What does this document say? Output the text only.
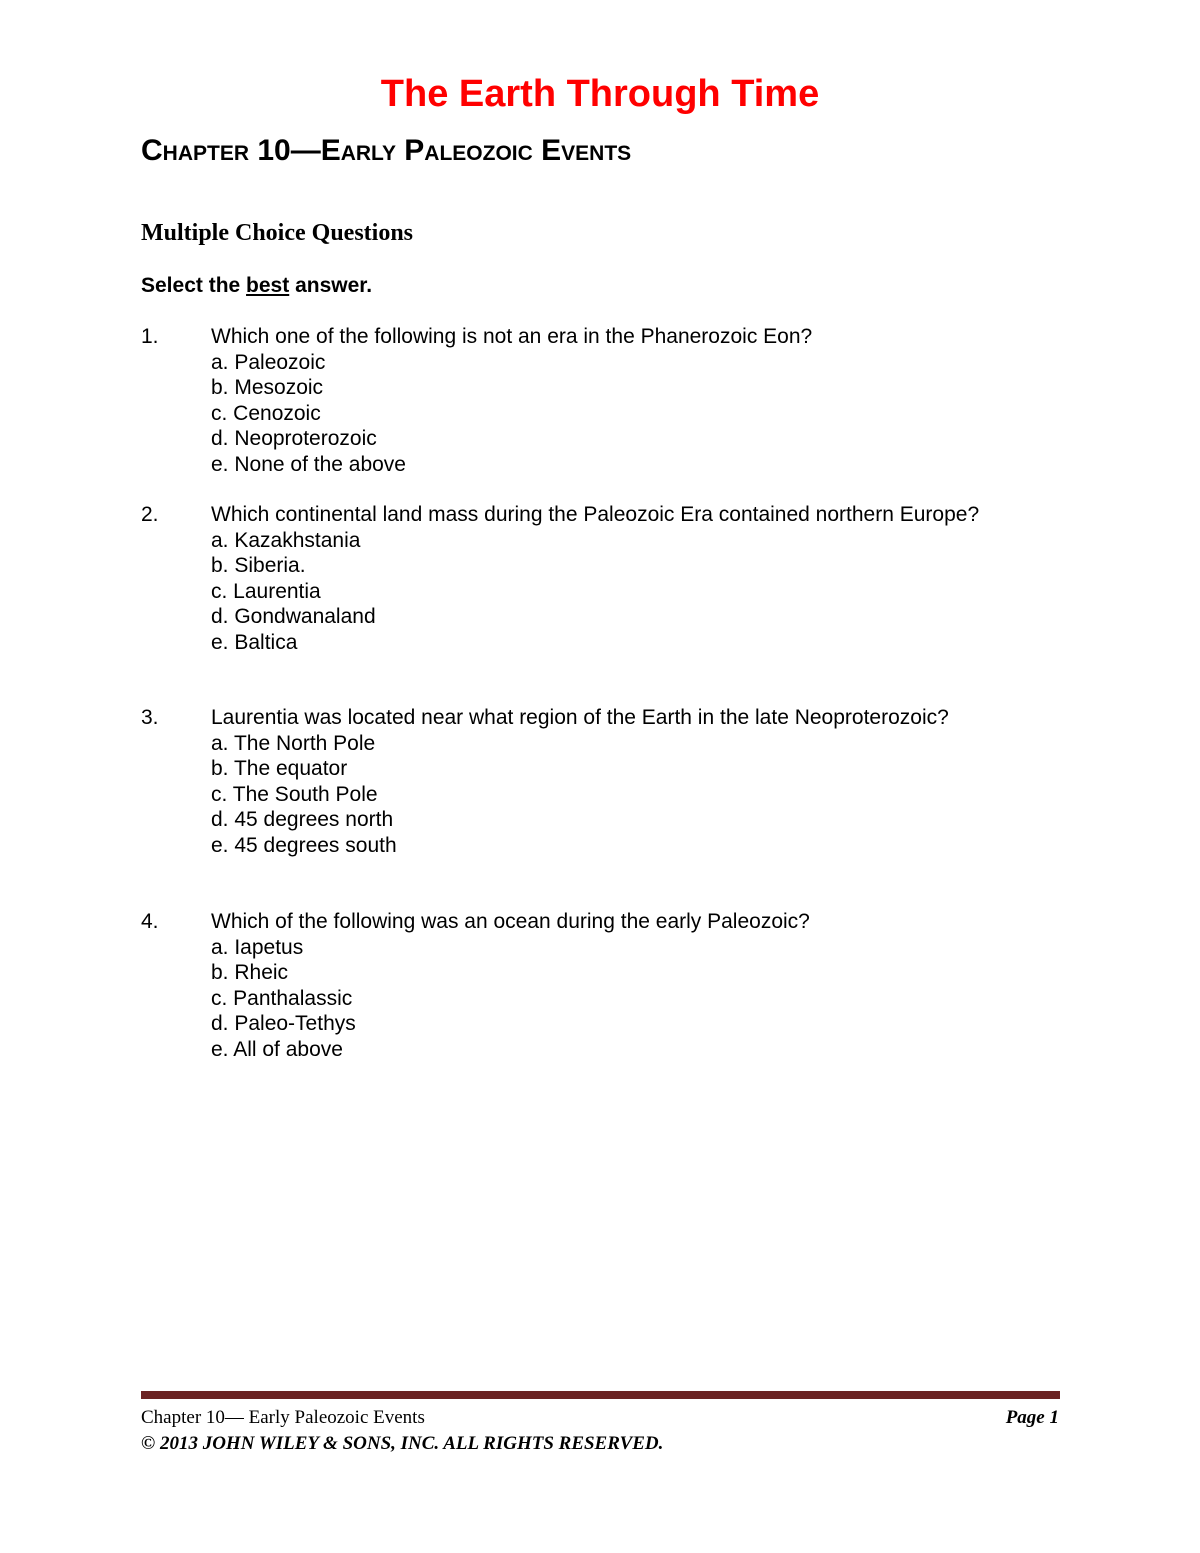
The Earth Through Time
Chapter 10—Early Paleozoic Events
Multiple Choice Questions
Select the best answer.
1. Which one of the following is not an era in the Phanerozoic Eon?
a. Paleozoic
b. Mesozoic
c. Cenozoic
d. Neoproterozoic
e. None of the above
2. Which continental land mass during the Paleozoic Era contained northern Europe?
a. Kazakhstania
b. Siberia.
c. Laurentia
d. Gondwanaland
e. Baltica
3. Laurentia was located near what region of the Earth in the late Neoproterozoic?
a. The North Pole
b. The equator
c. The South Pole
d. 45 degrees north
e. 45 degrees south
4. Which of the following was an ocean during the early Paleozoic?
a. Iapetus
b. Rheic
c. Panthalassic
d. Paleo-Tethys
e. All of above
Chapter 10— Early Paleozoic Events	Page 1
© 2013 JOHN WILEY & SONS, INC. ALL RIGHTS RESERVED.
